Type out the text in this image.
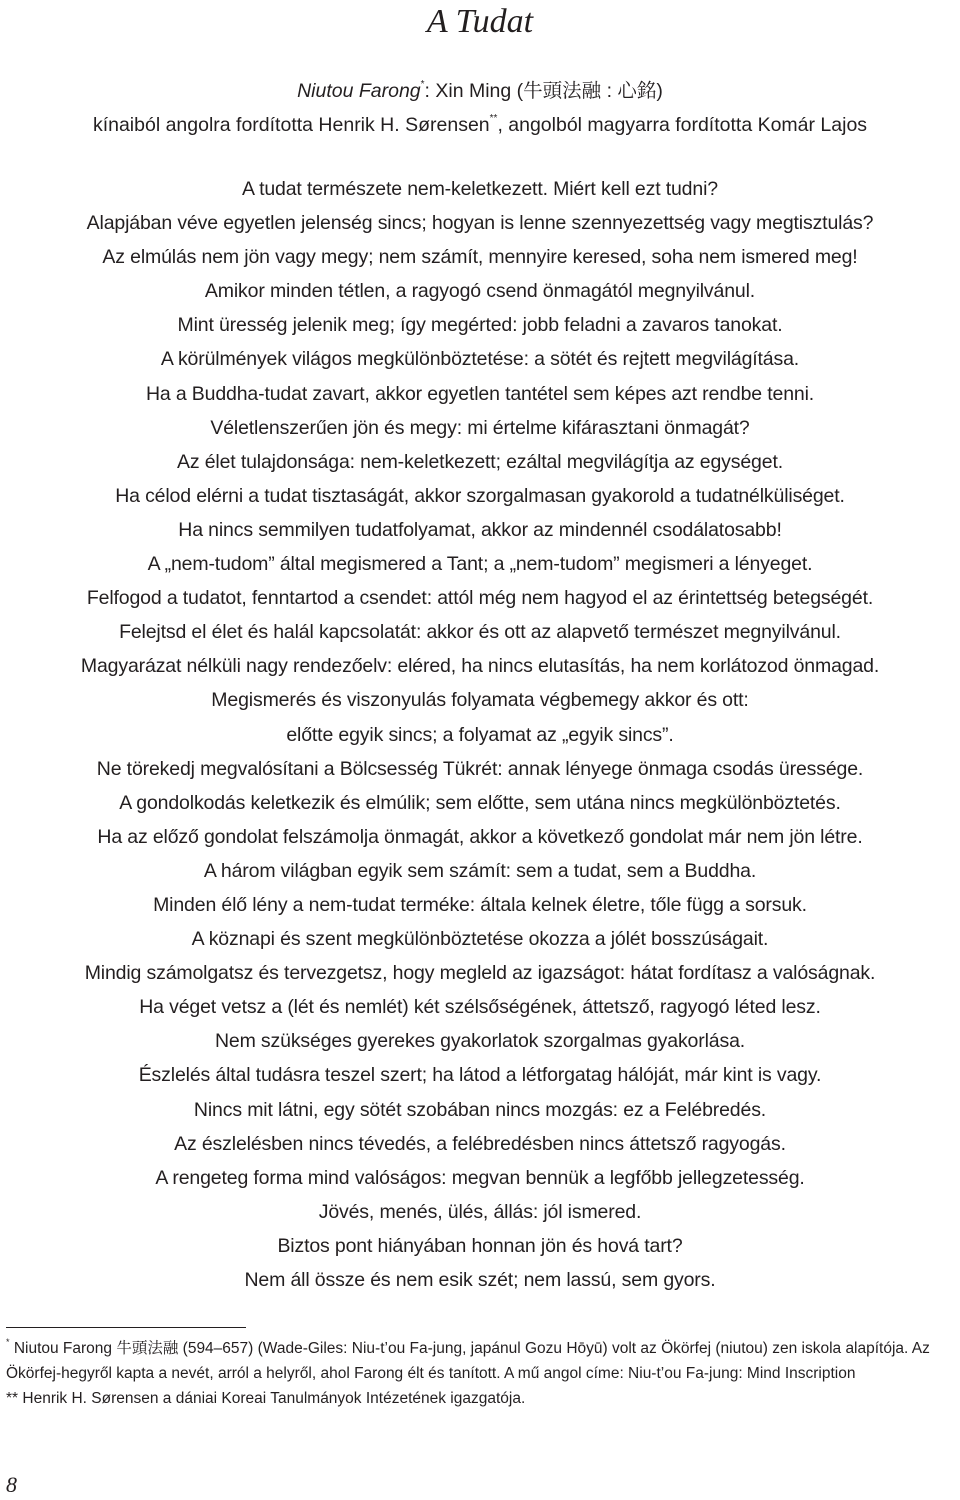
A Tudat
Niutou Farong*: Xin Ming (牛頭法融 : 心銘)
kínaiból angolra fordította Henrik H. Sørensen**, angolból magyarra fordította Komár Lajos
A tudat természete nem-keletkezett. Miért kell ezt tudni?
Alapjában véve egyetlen jelenség sincs; hogyan is lenne szennyezettség vagy megtisztulás?
Az elmúlás nem jön vagy megy; nem számít, mennyire keresed, soha nem ismered meg!
Amikor minden tétlen, a ragyogó csend önmagától megnyilvánul.
Mint üresség jelenik meg; így megérted: jobb feladni a zavaros tanokat.
A körülmények világos megkülönböztetése: a sötét és rejtett megvilágítása.
Ha a Buddha-tudat zavart, akkor egyetlen tantétel sem képes azt rendbe tenni.
Véletlenszerűen jön és megy: mi értelme kifárasztani önmagát?
Az élet tulajdonsága: nem-keletkezett; ezáltal megvilágítja az egységet.
Ha célod elérni a tudat tisztaságát, akkor szorgalmasan gyakorold a tudatnélküliséget.
Ha nincs semmilyen tudatfolyamat, akkor az mindennél csodálatosabb!
A „nem-tudom” által megismered a Tant; a „nem-tudom” megismeri a lényeget.
Felfogod a tudatot, fenntartod a csendet: attól még nem hagyod el az érintettség betegségét.
Felejtsd el élet és halál kapcsolatát: akkor és ott az alapvető természet megnyilvánul.
Magyarázat nélküli nagy rendezőelv: eléred, ha nincs elutasítás, ha nem korlátozod önmagad.
Megismerés és viszonyulás folyamata végbemegy akkor és ott:
előtte egyik sincs; a folyamat az „egyik sincs”.
Ne törekedj megvalósítani a Bölcsesség Tükrét: annak lényege önmaga csodás üressége.
A gondolkodás keletkezik és elmúlik; sem előtte, sem utána nincs megkülönböztetés.
Ha az előző gondolat felszámolja önmagát, akkor a következő gondolat már nem jön létre.
A három világban egyik sem számít: sem a tudat, sem a Buddha.
Minden élő lény a nem-tudat terméke: általa kelnek életre, tőle függ a sorsuk.
A köznapi és szent megkülönböztetése okozza a jólét bosszúságait.
Mindig számolgatsz és tervezgetsz, hogy megleld az igazságot: hátat fordítasz a valóságnak.
Ha véget vetsz a (lét és nemlét) két szélsőségének, áttetsző, ragyogó léted lesz.
Nem szükséges gyerekes gyakorlatok szorgalmas gyakorlása.
Észlelés által tudásra teszel szert; ha látod a létforgatag hálóját, már kint is vagy.
Nincs mit látni, egy sötét szobában nincs mozgás: ez a Felébredés.
Az észlelésben nincs tévedés, a felébredésben nincs áttetsző ragyogás.
A rengeteg forma mind valóságos: megvan bennük a legfőbb jellegzetesség.
Jövés, menés, ülés, állás: jól ismered.
Biztos pont hiányában honnan jön és hová tart?
Nem áll össze és nem esik szét; nem lassú, sem gyors.

* Niutou Farong 牛頭法融 (594–657) (Wade-Giles: Niu-t’ou Fa-jung, japánul Gozu Hōyū) volt az Ökörfej (niutou) zen iskola alapítója. Az Ökörfej-hegyről kapta a nevét, arról a helyről, ahol Farong élt és tanított. A mű angol címe: Niu-t’ou Fa-jung: Mind Inscription

** Henrik H. Sørensen a dániai Koreai Tanulmányok Intézetének igazgatója.

8
